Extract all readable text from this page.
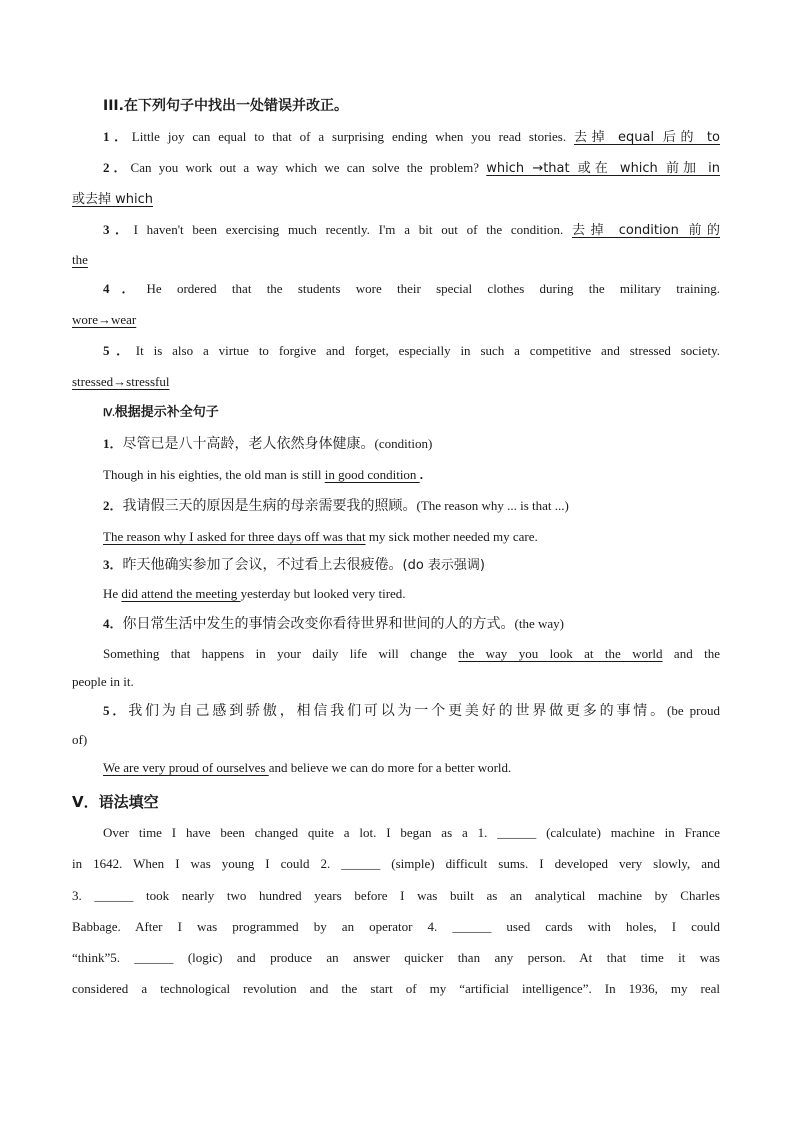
III.在下列句子中找出一处错误并改正。
1．Little joy can equal to that of a surprising ending when you read stories. 去掉 equal 后的 to
2．Can you work out a way which we can solve the problem? which →that 或在 which 前加 in
或去掉 which
3．I haven't been exercising much recently. I'm a bit out of the condition. 去掉 condition 前的
the
4．He ordered that the students wore their special clothes during the military training.
wore→wear
5．It is also a virtue to forgive and forget, especially in such a competitive and stressed society.
stressed→stressful
Ⅳ.根据提示补全句子
1．尽管已是八十高龄，老人依然身体健康。(condition)
Though in his eighties, the old man is still in good condition .
2．我请假三天的原因是生病的母亲需要我的照顾。(The reason why ... is that ...)
The reason why I asked for three days off was that my sick mother needed my care.
3．昨天他确实参加了会议，不过看上去很疲倦。(do 表示强调)
He did attend the meeting yesterday but looked very tired.
4．你日常生活中发生的事情会改变你看待世界和世间的人的方式。(the way)
Something that happens in your daily life will change the way you look at the world and the
people in it.
5．我们为自己感到骄傲，相信我们可以为一个更美好的世界做更多的事情。(be proud
of)
We are very proud of ourselves and believe we can do more for a better world.
Ⅴ．语法填空
Over time I have been changed quite a lot. I began as a 1. ______ (calculate) machine in France
in 1642. When I was young I could 2. ______ (simple) difficult sums. I developed very slowly, and
3. ______ took nearly two hundred years before I was built as an analytical machine by Charles
Babbage. After I was programmed by an operator 4. ______ used cards with holes, I could
“think”5. ______ (logic) and produce an answer quicker than any person. At that time it was
considered a technological revolution and the start of my “artificial intelligence”. In 1936, my real
